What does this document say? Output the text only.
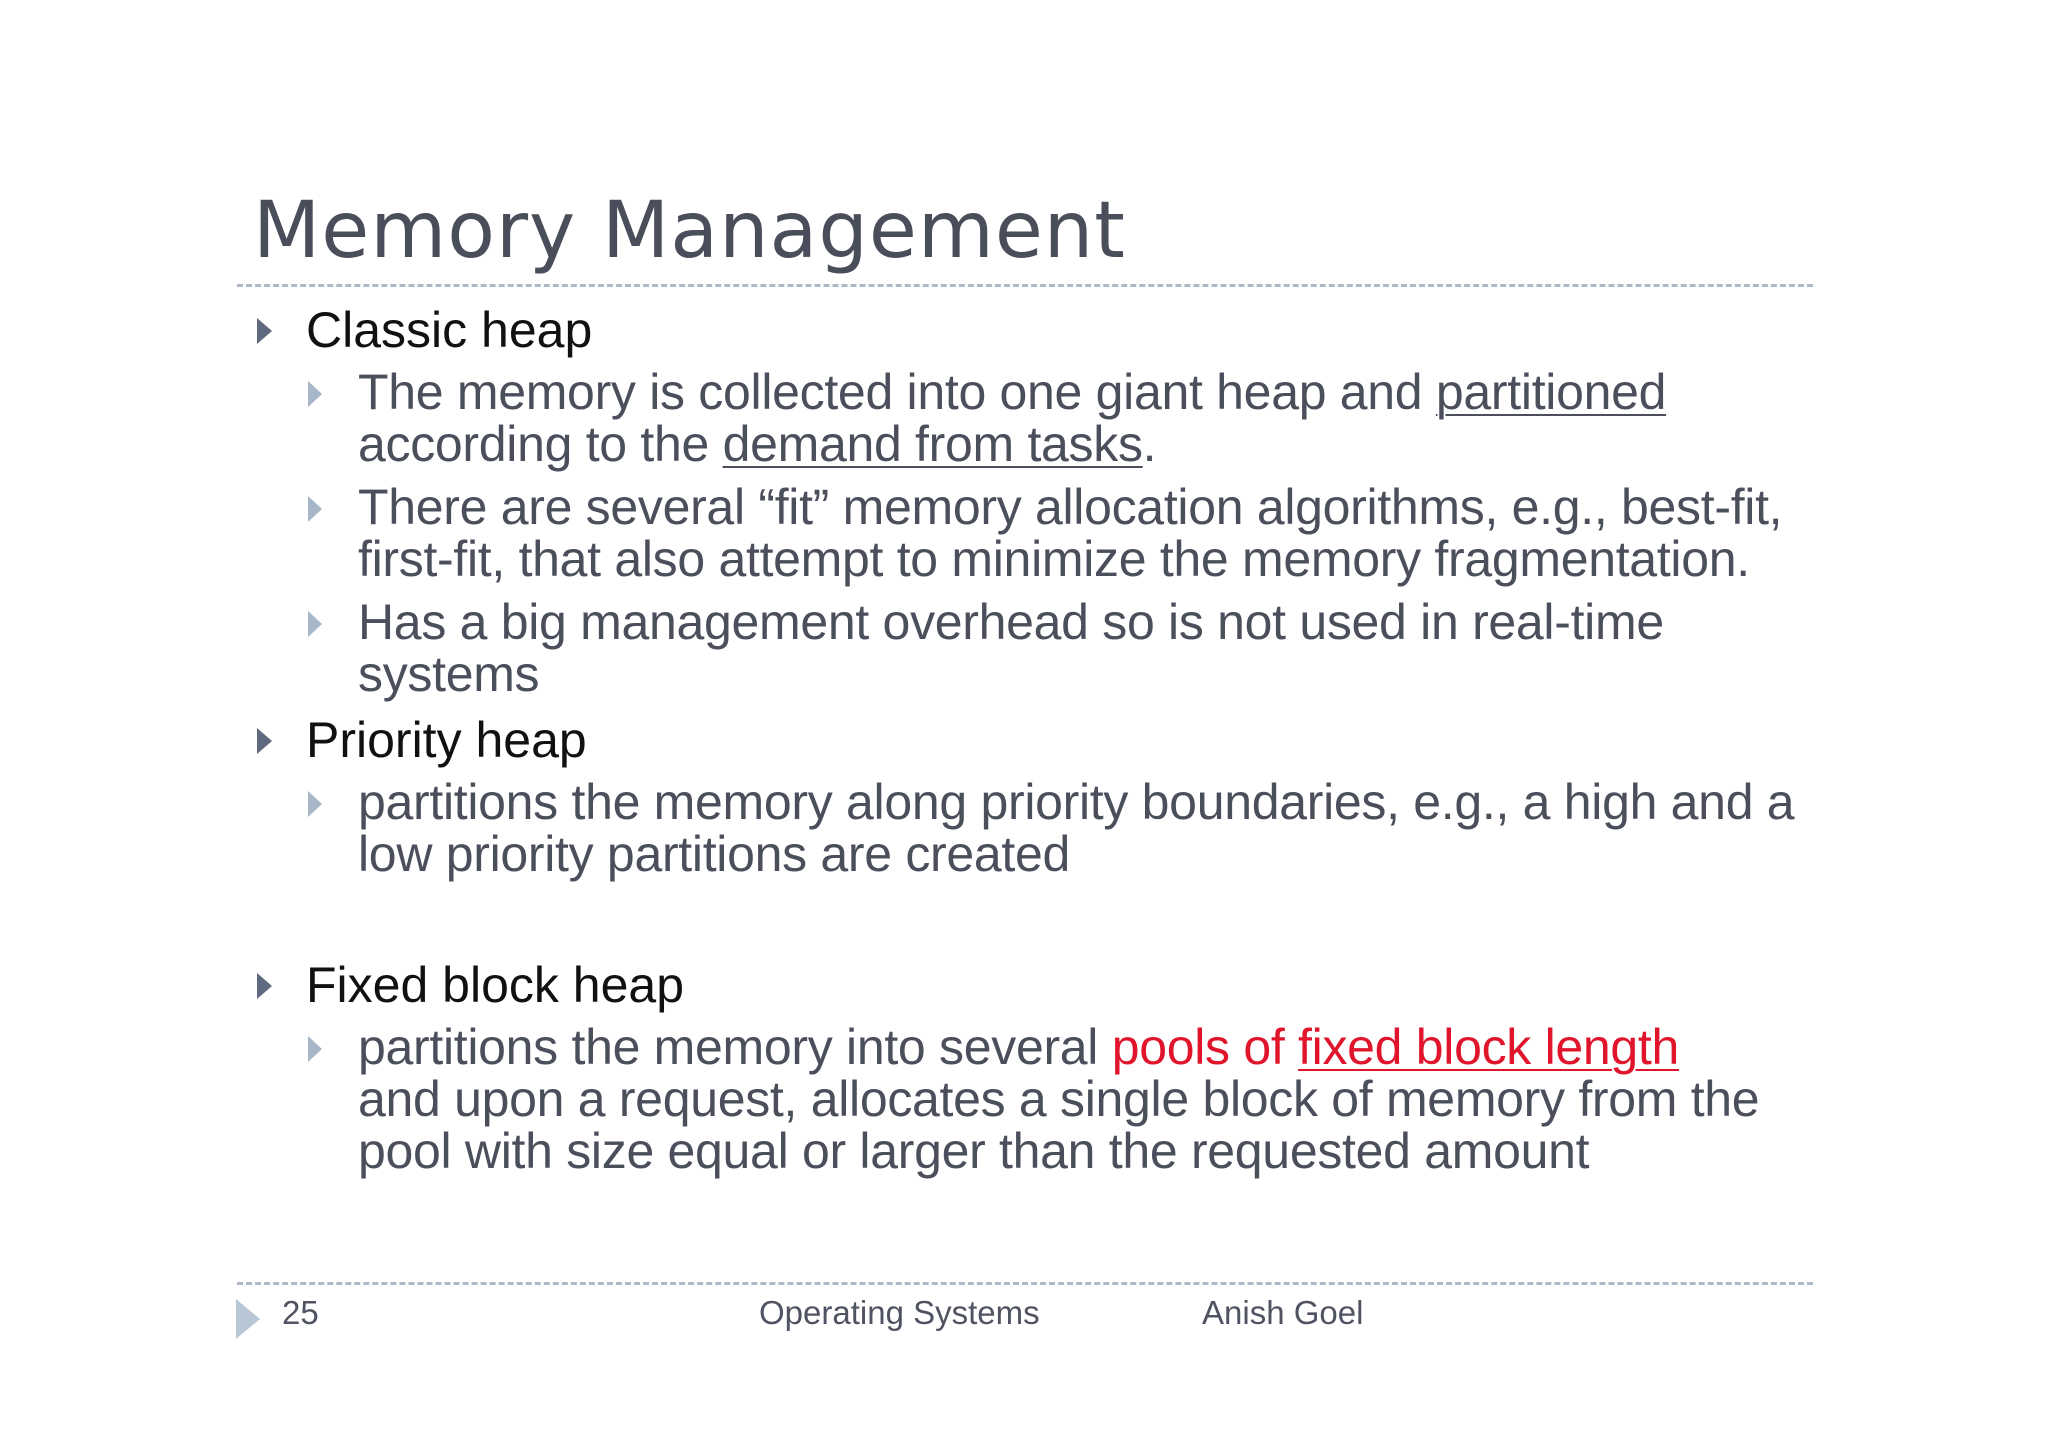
Memory Management
Classic heap
The memory is collected into one giant heap and partitioned
according to the demand from tasks.
There are several “fit” memory allocation algorithms, e.g., best-fit, first-fit, that also attempt to minimize the memory fragmentation.
Has a big management overhead so is not used in real-time systems
Priority heap
partitions the memory along priority boundaries, e.g., a high and a low priority partitions are created
Fixed block heap
partitions the memory into several pools of fixed block length
and upon a request, allocates a single block of memory from the pool with size equal or larger than the requested amount
25	Operating Systems	Anish Goel
